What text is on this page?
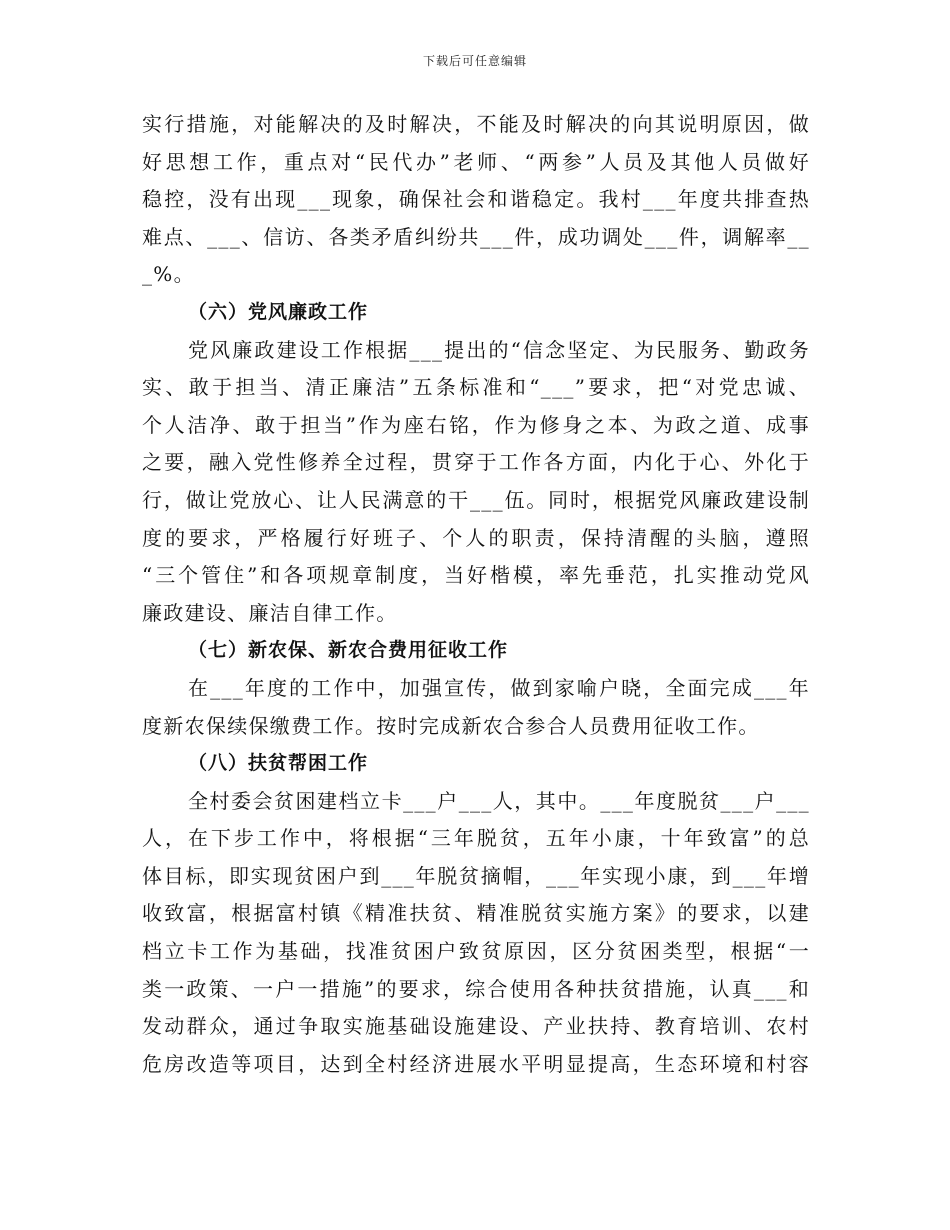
下载后可任意编辑
实行措施，对能解决的及时解决，不能及时解决的向其说明原因，做
好思想工作，重点对“民代办”老师、“两参”人员及其他人员做好
稳控，没有出现___现象，确保社会和谐稳定。我村___年度共排查热
难点、___、信访、各类矛盾纠纷共___件，成功调处___件，调解率__
_%。
（六）党风廉政工作
党风廉政建设工作根据___提出的“信念坚定、为民服务、勤政务
实、敢于担当、清正廉洁”五条标准和“___”要求，把“对党忠诚、
个人洁净、敢于担当”作为座右铭，作为修身之本、为政之道、成事
之要，融入党性修养全过程，贯穿于工作各方面，内化于心、外化于
行，做让党放心、让人民满意的干___伍。同时，根据党风廉政建设制
度的要求，严格履行好班子、个人的职责，保持清醒的头脑，遵照
“三个管住”和各项规章制度，当好楷模，率先垂范，扎实推动党风
廉政建设、廉洁自律工作。
（七）新农保、新农合费用征收工作
在___年度的工作中，加强宣传，做到家喻户晓，全面完成___年
度新农保续保缴费工作。按时完成新农合参合人员费用征收工作。
（八）扶贫帮困工作
全村委会贫困建档立卡___户___人，其中。___年度脱贫___户___
人，在下步工作中，将根据“三年脱贫，五年小康，十年致富”的总
体目标，即实现贫困户到___年脱贫摘帽，___年实现小康，到___年增
收致富，根据富村镇《精准扶贫、精准脱贫实施方案》的要求，以建
档立卡工作为基础，找准贫困户致贫原因，区分贫困类型，根据“一
类一政策、一户一措施”的要求，综合使用各种扶贫措施，认真___和
发动群众，通过争取实施基础设施建设、产业扶持、教育培训、农村
危房改造等项目，达到全村经济进展水平明显提高，生态环境和村容
